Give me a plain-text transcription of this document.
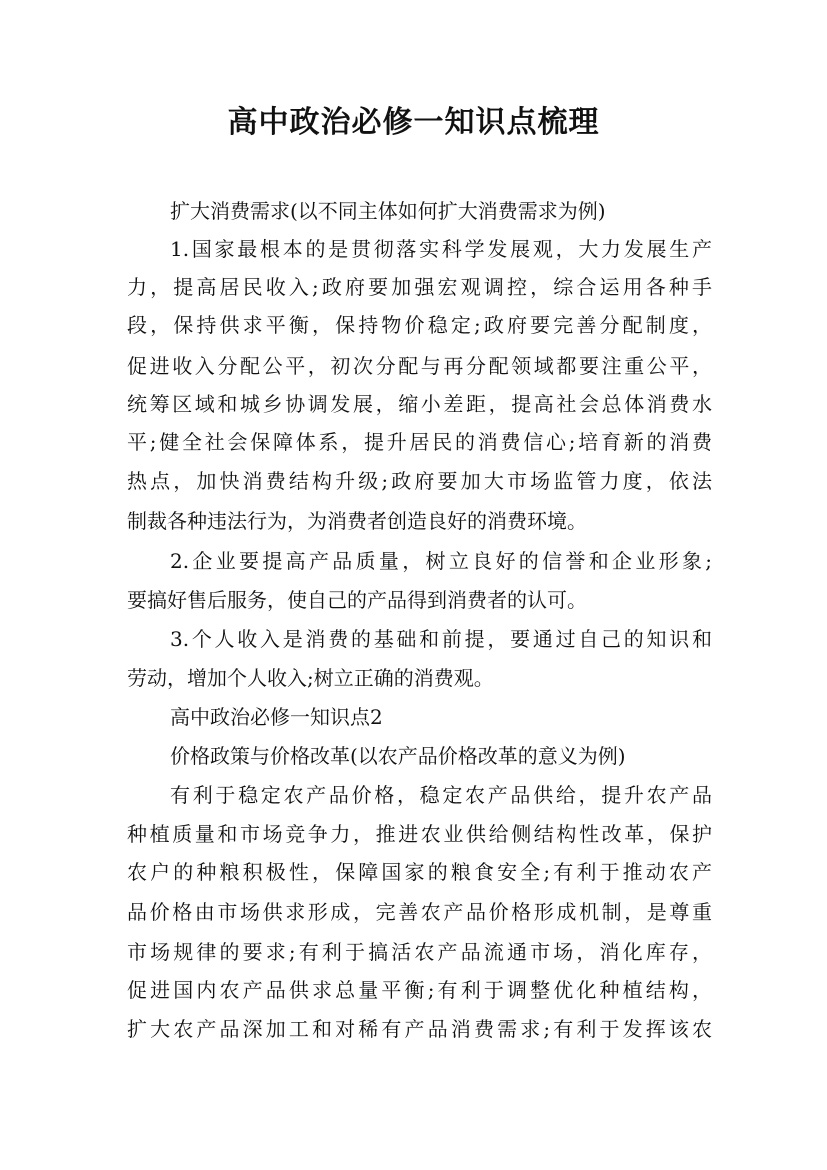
高中政治必修一知识点梳理
扩大消费需求(以不同主体如何扩大消费需求为例)
1.国家最根本的是贯彻落实科学发展观，大力发展生产
力，提高居民收入;政府要加强宏观调控，综合运用各种手
段，保持供求平衡，保持物价稳定;政府要完善分配制度，
促进收入分配公平，初次分配与再分配领域都要注重公平，
统筹区域和城乡协调发展，缩小差距，提高社会总体消费水
平;健全社会保障体系，提升居民的消费信心;培育新的消费
热点，加快消费结构升级;政府要加大市场监管力度，依法
制裁各种违法行为，为消费者创造良好的消费环境。
2.企业要提高产品质量，树立良好的信誉和企业形象;
要搞好售后服务，使自己的产品得到消费者的认可。
3.个人收入是消费的基础和前提，要通过自己的知识和
劳动，增加个人收入;树立正确的消费观。
高中政治必修一知识点2
价格政策与价格改革(以农产品价格改革的意义为例)
有利于稳定农产品价格，稳定农产品供给，提升农产品
种植质量和市场竞争力，推进农业供给侧结构性改革，保护
农户的种粮积极性，保障国家的粮食安全;有利于推动农产
品价格由市场供求形成，完善农产品价格形成机制，是尊重
市场规律的要求;有利于搞活农产品流通市场，消化库存，
促进国内农产品供求总量平衡;有利于调整优化种植结构，
扩大农产品深加工和对稀有产品消费需求;有利于发挥该农
